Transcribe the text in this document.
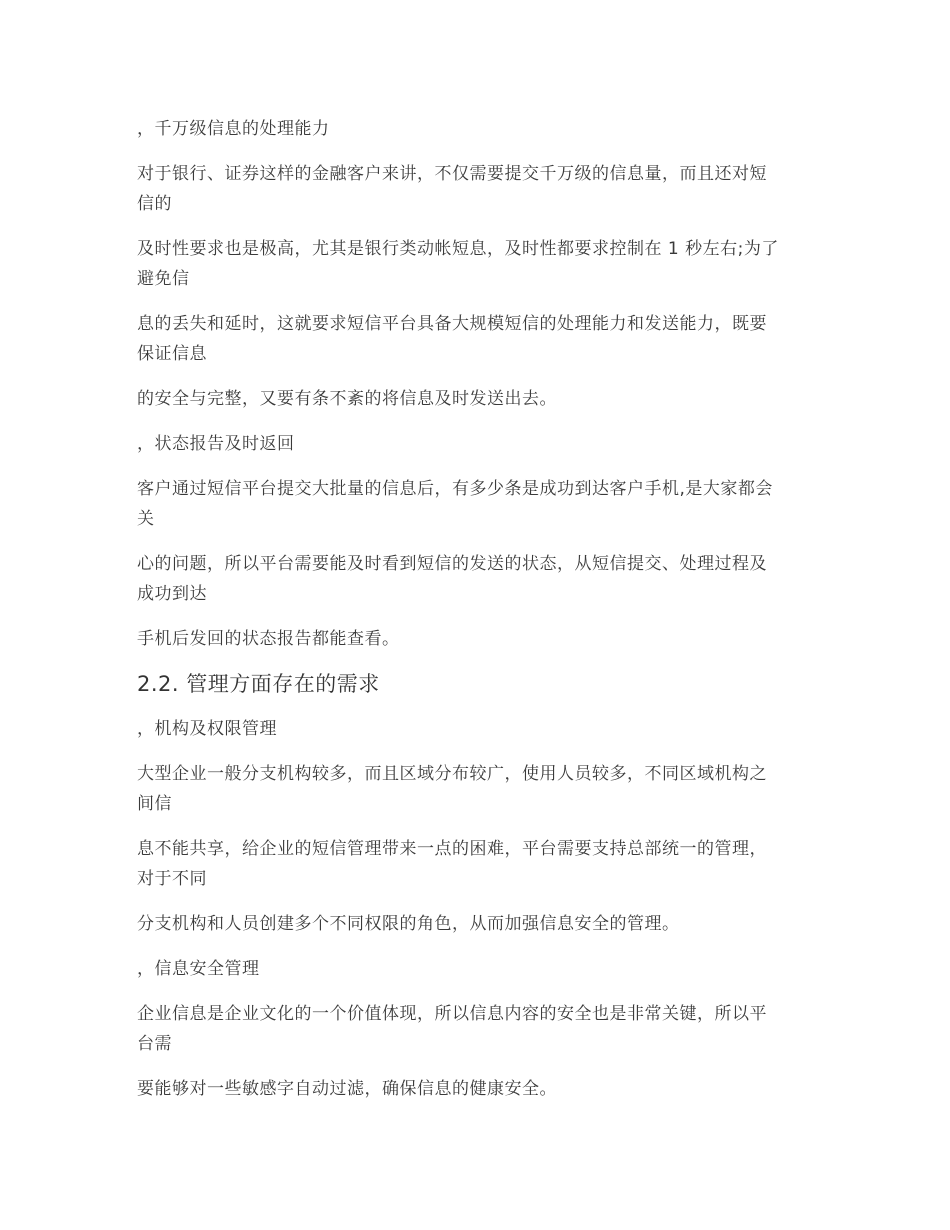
，千万级信息的处理能力
对于银行、证券这样的金融客户来讲，不仅需要提交千万级的信息量，而且还对短
信的
及时性要求也是极高，尤其是银行类动帐短息，及时性都要求控制在 1 秒左右;为了
避免信
息的丢失和延时，这就要求短信平台具备大规模短信的处理能力和发送能力，既要
保证信息
的安全与完整，又要有条不紊的将信息及时发送出去。
，状态报告及时返回
客户通过短信平台提交大批量的信息后，有多少条是成功到达客户手机,是大家都会
关
心的问题，所以平台需要能及时看到短信的发送的状态，从短信提交、处理过程及
成功到达
手机后发回的状态报告都能查看。
2.2. 管理方面存在的需求
，机构及权限管理
大型企业一般分支机构较多，而且区域分布较广，使用人员较多，不同区域机构之
间信
息不能共享，给企业的短信管理带来一点的困难，平台需要支持总部统一的管理，
对于不同
分支机构和人员创建多个不同权限的角色，从而加强信息安全的管理。
，信息安全管理
企业信息是企业文化的一个价值体现，所以信息内容的安全也是非常关键，所以平
台需
要能够对一些敏感字自动过滤，确保信息的健康安全。
